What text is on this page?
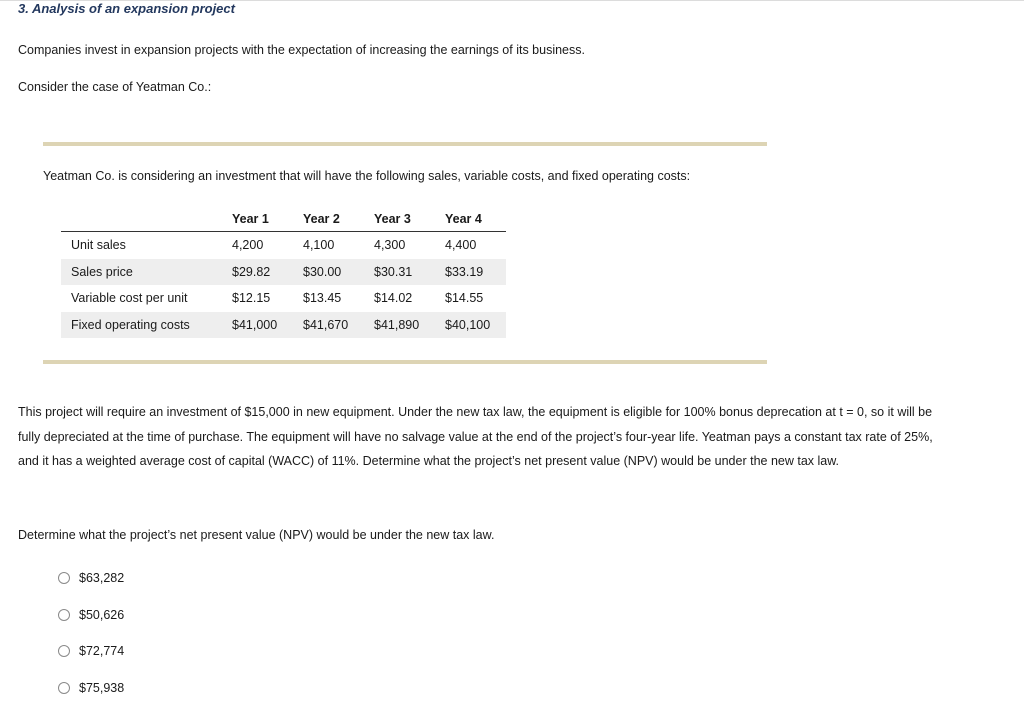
3. Analysis of an expansion project

Companies invest in expansion projects with the expectation of increasing the earnings of its business.

Consider the case of Yeatman Co.:

Yeatman Co. is considering an investment that will have the following sales, variable costs, and fixed operating costs:

	Year 1	Year 2	Year 3	Year 4
Unit sales	4,200	4,100	4,300	4,400
Sales price	$29.82	$30.00	$30.31	$33.19
Variable cost per unit	$12.15	$13.45	$14.02	$14.55
Fixed operating costs	$41,000	$41,670	$41,890	$40,100

This project will require an investment of $15,000 in new equipment. Under the new tax law, the equipment is eligible for 100% bonus deprecation at t = 0, so it will be fully depreciated at the time of purchase. The equipment will have no salvage value at the end of the project’s four-year life. Yeatman pays a constant tax rate of 25%, and it has a weighted average cost of capital (WACC) of 11%. Determine what the project’s net present value (NPV) would be under the new tax law.

Determine what the project’s net present value (NPV) would be under the new tax law.

$63,282
$50,626
$72,774
$75,938
